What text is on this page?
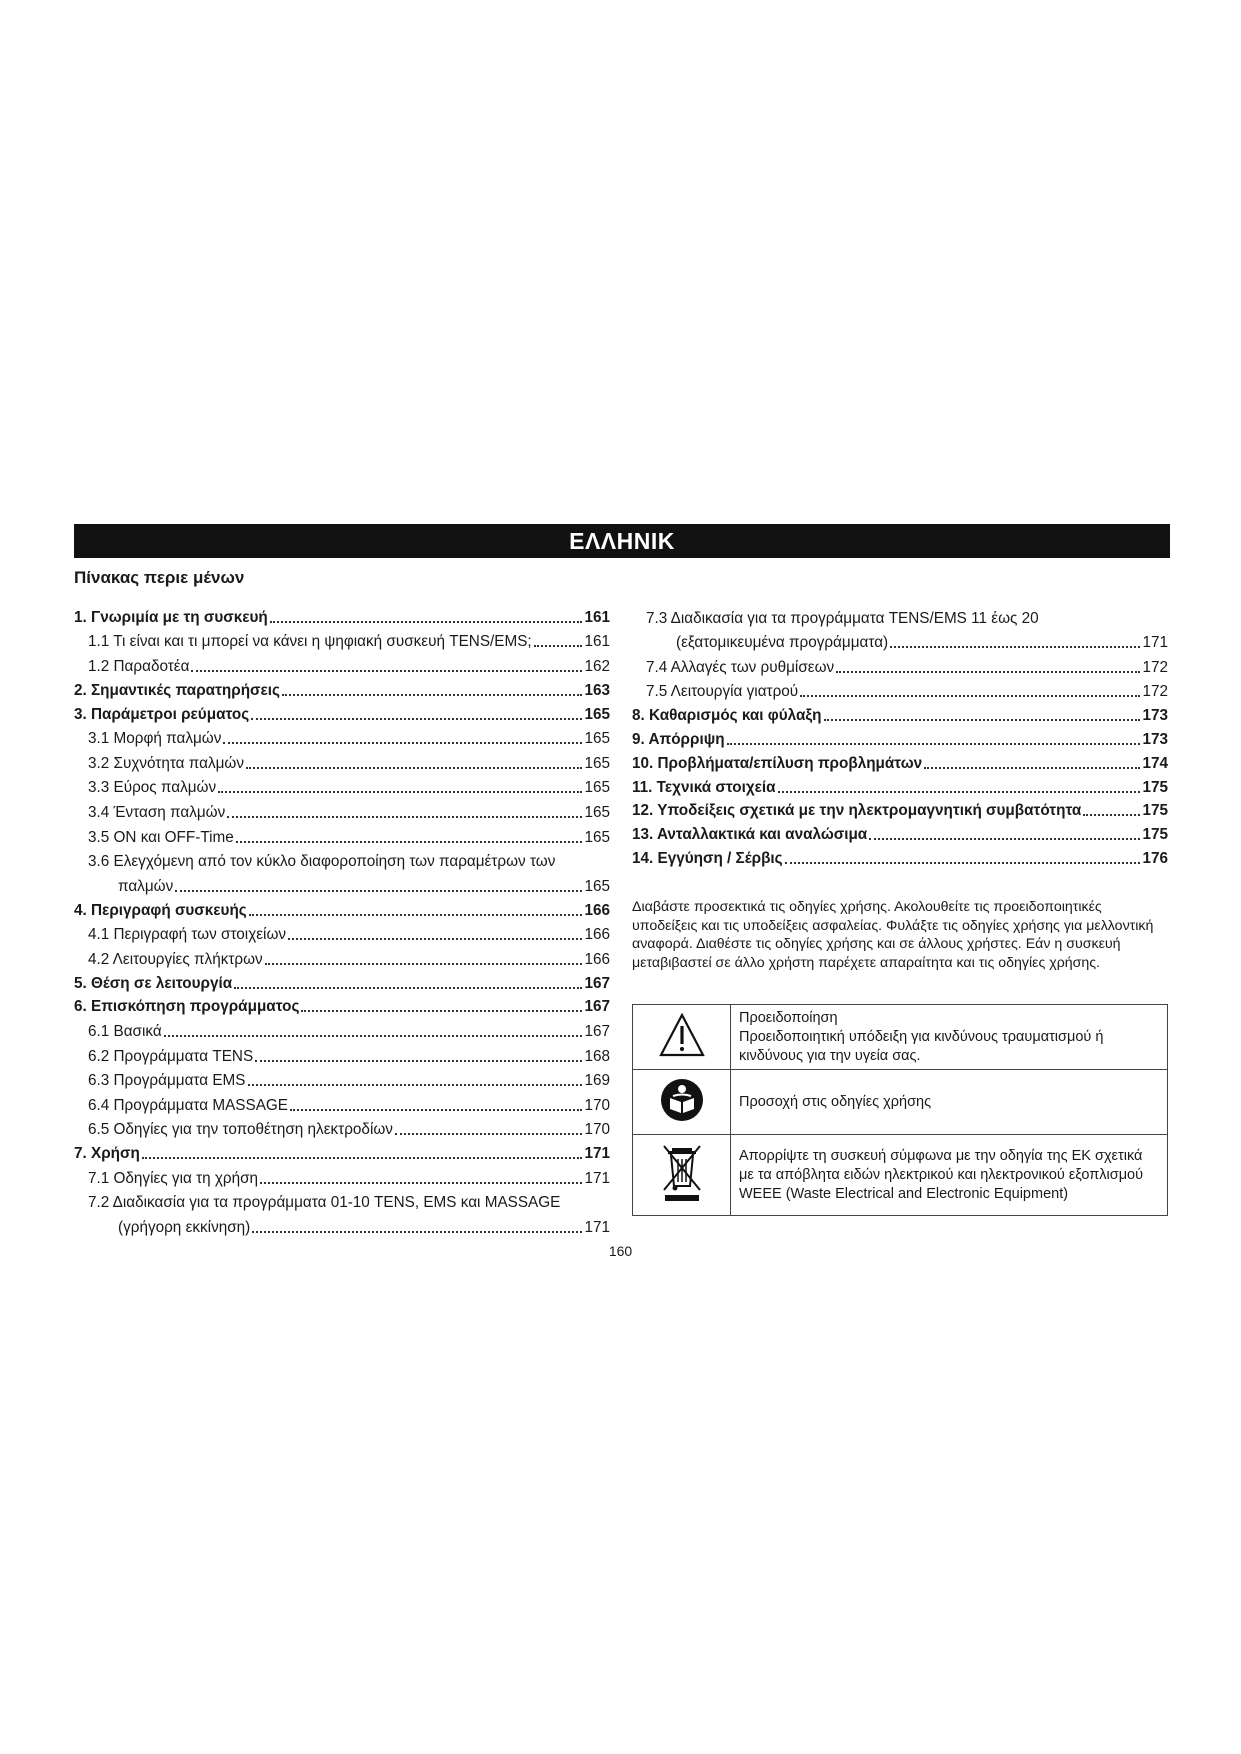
ΕΛΛΗΝΙΚ
Πίνακας περιε μένων
1. Γνωριμία με τη συσκευή	161
1.1 Τι είναι και τι μπορεί να κάνει η ψηφιακή συσκευή TENS/EMS;	161
1.2 Παραδοτέα	162
2. Σημαντικές παρατηρήσεις	163
3. Παράμετροι ρεύματος	165
3.1 Μορφή παλμών	165
3.2 Συχνότητα παλμών	165
3.3 Εύρος παλμών	165
3.4 Ένταση παλμών	165
3.5 ON και OFF-Time	165
3.6 Ελεγχόμενη από τον κύκλο διαφοροποίηση των παραμέτρων των
παλμών	165
4. Περιγραφή συσκευής	166
4.1 Περιγραφή των στοιχείων	166
4.2 Λειτουργίες πλήκτρων	166
5. Θέση σε λειτουργία	167
6. Επισκόπηση προγράμματος	167
6.1 Βασικά	167
6.2 Προγράμματα TENS	168
6.3 Προγράμματα EMS	169
6.4 Προγράμματα MASSAGE	170
6.5 Οδηγίες για την τοποθέτηση ηλεκτροδίων	170
7. Χρήση	171
7.1 Οδηγίες για τη χρήση	171
7.2 Διαδικασία για τα προγράμματα 01-10 TENS, EMS και MASSAGE
(γρήγορη εκκίνηση)	171
7.3 Διαδικασία για τα προγράμματα TENS/EMS 11 έως 20
(εξατομικευμένα προγράμματα)	171
7.4 Αλλαγές των ρυθμίσεων	172
7.5 Λειτουργία γιατρού	172
8. Καθαρισμός και φύλαξη	173
9. Απόρριψη	173
10. Προβλήματα/επίλυση προβλημάτων	174
11. Τεχνικά στοιχεία	175
12. Υποδείξεις σχετικά με την ηλεκτρομαγνητική συμβατότητα	175
13. Ανταλλακτικά και αναλώσιμα	175
14. Εγγύηση / Σέρβις	176
Διαβάστε προσεκτικά τις οδηγίες χρήσης. Ακολουθείτε τις προειδοποιητικές υποδείξεις και τις υποδείξεις ασφαλείας. Φυλάξτε τις οδηγίες χρήσης για μελλοντική αναφορά. Διαθέστε τις οδηγίες χρήσης και σε άλλους χρήστες. Εάν η συσκευή μεταβιβαστεί σε άλλο χρήστη παρέχετε απαραίτητα και τις οδηγίες χρήσης.

Προειδοποίηση
Προειδοποιητική υπόδειξη για κινδύνους τραυματισμού ή κινδύνους για την υγεία σας.

Προσοχή στις οδηγίες χρήσης

Απορρίψτε τη συσκευή σύμφωνα με την οδηγία της ΕΚ σχετικά με τα απόβλητα ειδών ηλεκτρικού και ηλεκτρονικού εξοπλισμού WEEE (Waste Electrical and Electronic Equipment)
160
